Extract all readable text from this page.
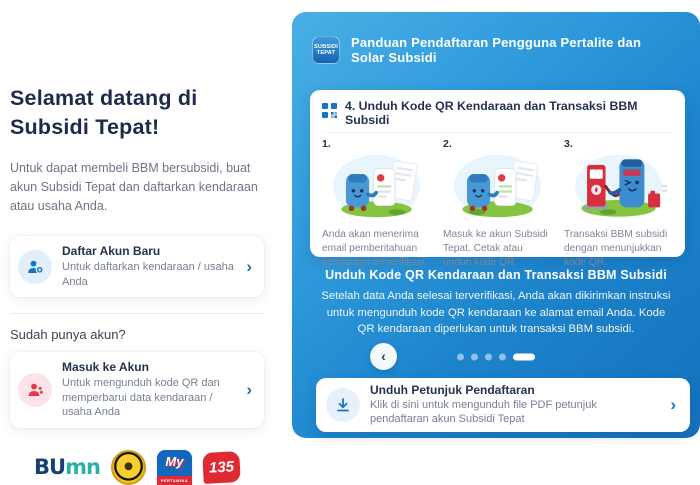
Selamat datang di
Subsidi Tepat!

Untuk dapat membeli BBM bersubsidi, buat akun Subsidi Tepat dan daftarkan kendaraan atau usaha Anda.

Daftar Akun Baru
Untuk daftarkan kendaraan / usaha Anda
›
Sudah punya akun?
Masuk ke Akun
Untuk mengunduh kode QR dan memperbarui data kendaraan / usaha Anda
›
BUmn	My
PERTAMINA
135
SUBSIDI
TEPAT
Panduan Pendaftaran Pengguna Pertalite dan Solar Subsidi
4. Unduh Kode QR Kendaraan dan Transaksi BBM Subsidi
1.
Anda akan menerima email pemberitahuan kendaraan terverifikasi.
2.
Masuk ke akun Subsidi Tepat. Cetak atau unduh kode QR.
3.
Transaksi BBM subsidi dengan menunjukkan kode QR.
Unduh Kode QR Kendaraan dan Transaksi BBM Subsidi
Setelah data Anda selesai terverifikasi, Anda akan dikirimkan instruksi untuk mengunduh kode QR kendaraan ke alamat email Anda. Kode QR kendaraan diperlukan untuk transaksi BBM subsidi.
‹
Unduh Petunjuk Pendaftaran
Klik di sini untuk mengunduh file PDF petunjuk pendaftaran akun Subsidi Tepat
›
